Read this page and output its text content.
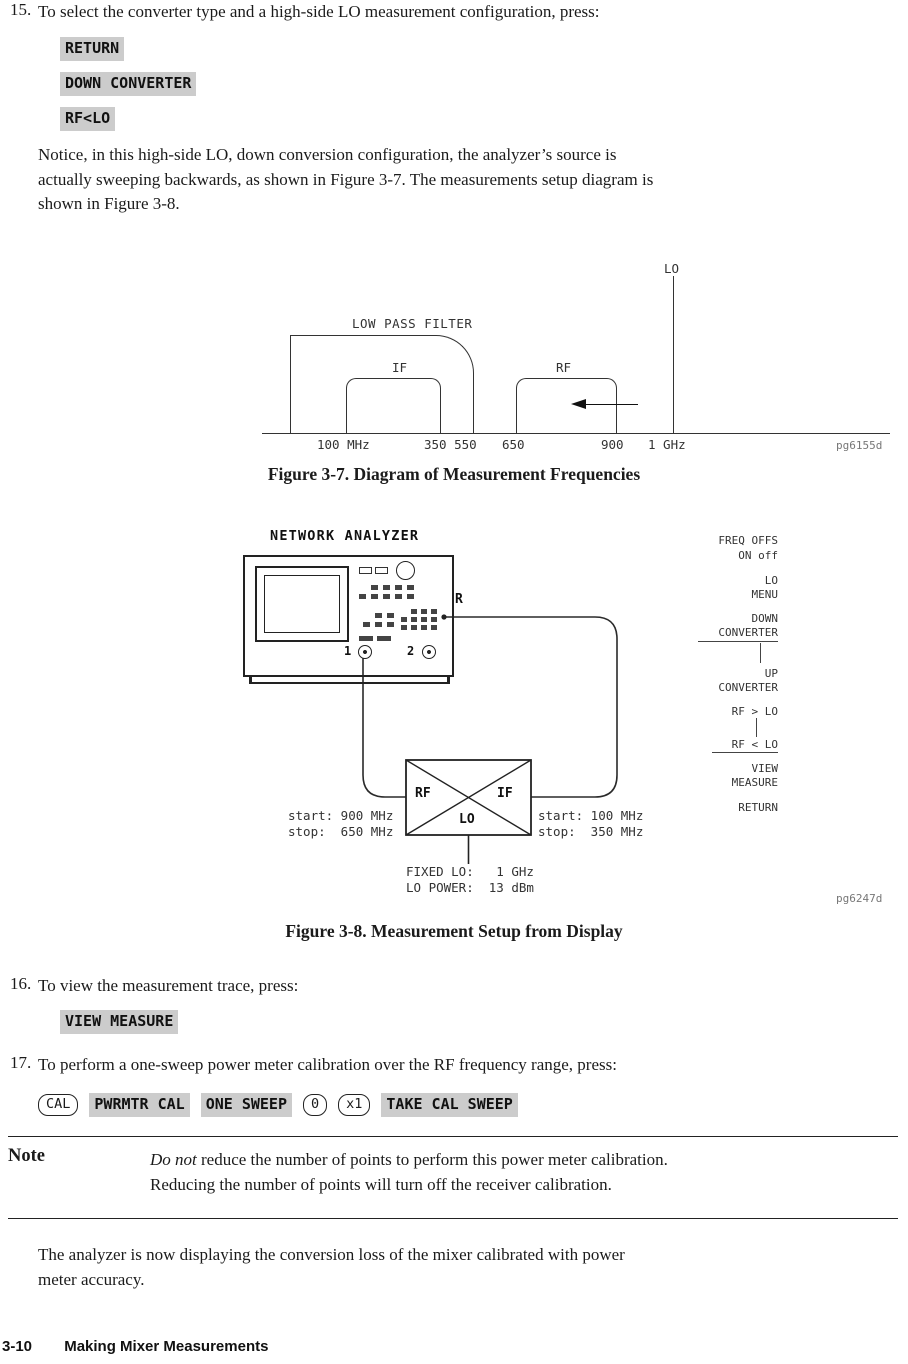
15. To select the converter type and a high-side LO measurement configuration, press:
RETURN
DOWN CONVERTER
RF<LO
Notice, in this high-side LO, down conversion configuration, the analyzer’s source is
actually sweeping backwards, as shown in Figure 3-7. The measurements setup diagram is
shown in Figure 3-8.
LO
LOW PASS FILTER
IF	RF
100 MHz	350 550 650	900 1 GHz	pg6155d
Figure 3-7. Diagram of Measurement Frequencies
NETWORK ANALYZER
1	2
R
FREQ OFFS
ON off
LO
MENU
DOWN
CONVERTER
UP
CONVERTER
RF > LO
RF < LO
VIEW
MEASURE
RETURN
RF	IF
LO
start: 900 MHz
stop:  650 MHz
start: 100 MHz
stop:  350 MHz
FIXED LO:   1 GHz
LO POWER:  13 dBm
pg6247d
Figure 3-8. Measurement Setup from Display
16. To view the measurement trace, press:
VIEW MEASURE
17. To perform a one-sweep power meter calibration over the RF frequency range, press:
CAL	PWRMTR CAL	ONE SWEEP	0	x1	TAKE CAL SWEEP
Note	Do not reduce the number of points to perform this power meter calibration.
Reducing the number of points will turn off the receiver calibration.
The analyzer is now displaying the conversion loss of the mixer calibrated with power
meter accuracy.
3-10 Making Mixer Measurements
